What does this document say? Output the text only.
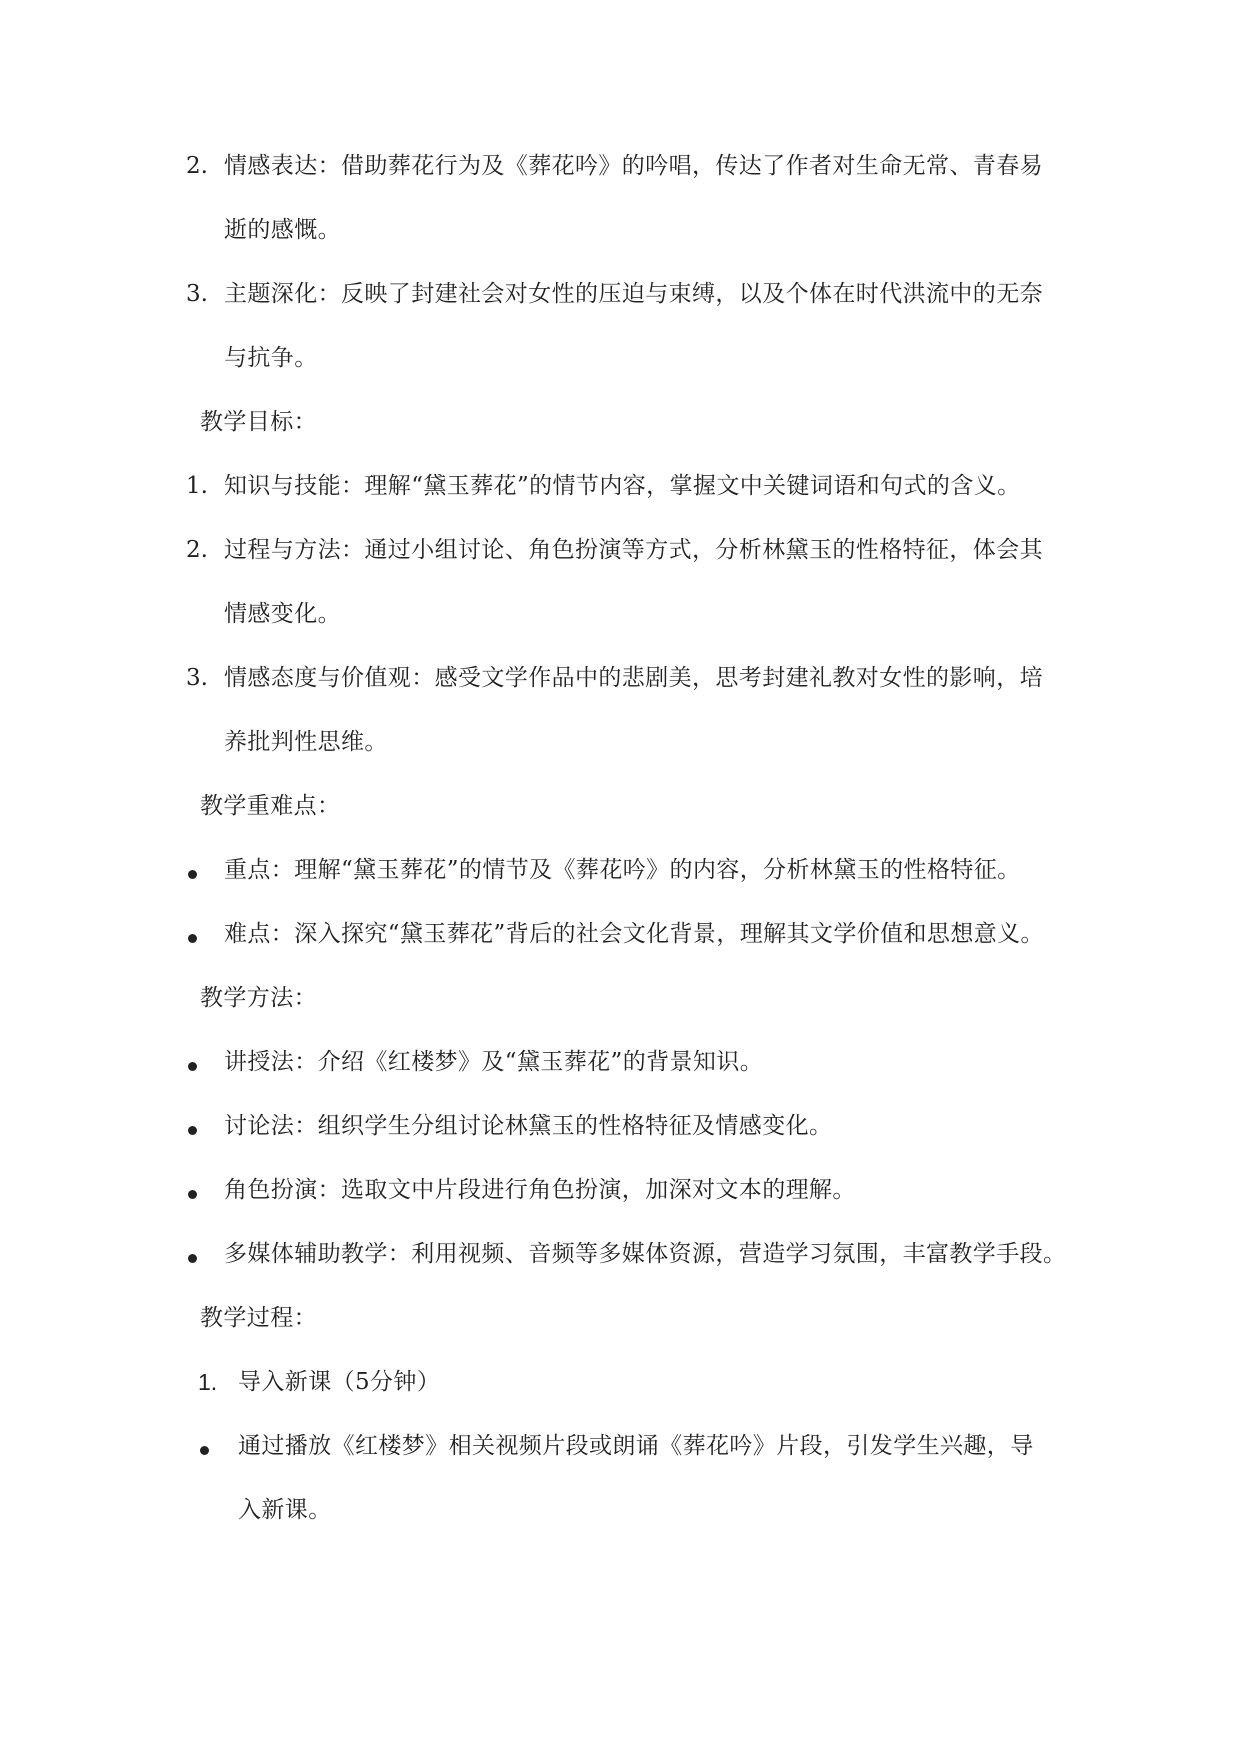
2. 情感表达：借助葬花行为及《葬花吟》的吟唱，传达了作者对生命无常、青春易
逝的感慨。
3. 主题深化：反映了封建社会对女性的压迫与束缚，以及个体在时代洪流中的无奈
与抗争。
教学目标：
1. 知识与技能：理解“黛玉葬花”的情节内容，掌握文中关键词语和句式的含义。
2. 过程与方法：通过小组讨论、角色扮演等方式，分析林黛玉的性格特征，体会其
情感变化。
3. 情感态度与价值观：感受文学作品中的悲剧美，思考封建礼教对女性的影响，培
养批判性思维。
教学重难点：
重点：理解“黛玉葬花”的情节及《葬花吟》的内容，分析林黛玉的性格特征。
难点：深入探究“黛玉葬花”背后的社会文化背景，理解其文学价值和思想意义。
教学方法：
讲授法：介绍《红楼梦》及“黛玉葬花”的背景知识。
讨论法：组织学生分组讨论林黛玉的性格特征及情感变化。
角色扮演：选取文中片段进行角色扮演，加深对文本的理解。
多媒体辅助教学：利用视频、音频等多媒体资源，营造学习氛围，丰富教学手段。
教学过程：
1. 导入新课（5分钟）
通过播放《红楼梦》相关视频片段或朗诵《葬花吟》片段，引发学生兴趣，导
入新课。
